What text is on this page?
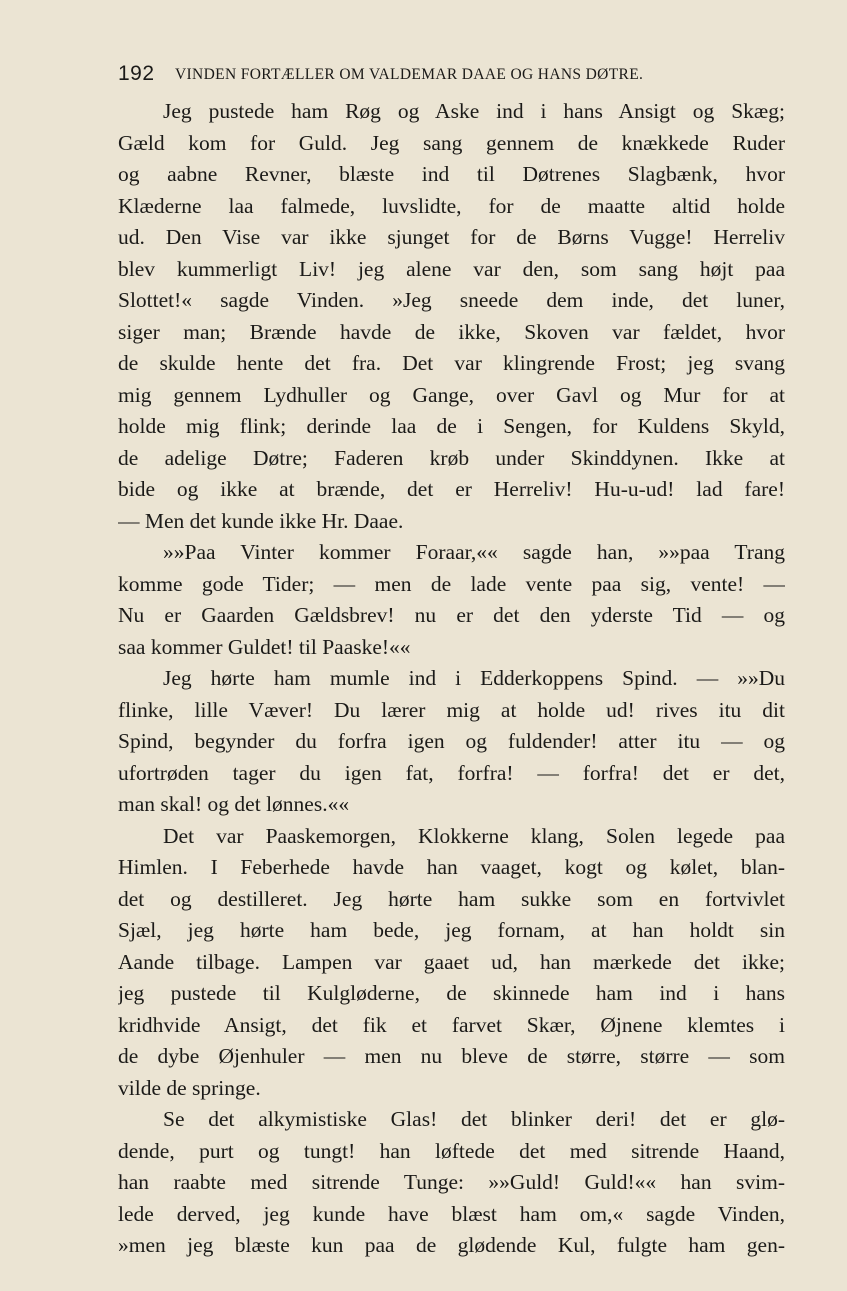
192 VINDEN FORTÆLLER OM VALDEMAR DAAE OG HANS DØTRE.
Jeg pustede ham Røg og Aske ind i hans Ansigt og Skæg;
Gæld kom for Guld. Jeg sang gennem de knækkede Ruder
og aabne Revner, blæste ind til Døtrenes Slagbænk, hvor
Klæderne laa falmede, luvslidte, for de maatte altid holde
ud. Den Vise var ikke sjunget for de Børns Vugge! Herreliv
blev kummerligt Liv! jeg alene var den, som sang højt paa
Slottet!« sagde Vinden. »Jeg sneede dem inde, det luner,
siger man; Brænde havde de ikke, Skoven var fældet, hvor
de skulde hente det fra. Det var klingrende Frost; jeg svang
mig gennem Lydhuller og Gange, over Gavl og Mur for at
holde mig flink; derinde laa de i Sengen, for Kuldens Skyld,
de adelige Døtre; Faderen krøb under Skinddynen. Ikke at
bide og ikke at brænde, det er Herreliv! Hu-u-ud! lad fare!
— Men det kunde ikke Hr. Daae.
»»Paa Vinter kommer Foraar,«« sagde han, »»paa Trang
komme gode Tider; — men de lade vente paa sig, vente! —
Nu er Gaarden Gældsbrev! nu er det den yderste Tid — og
saa kommer Guldet! til Paaske!««
Jeg hørte ham mumle ind i Edderkoppens Spind. — »»Du
flinke, lille Væver! Du lærer mig at holde ud! rives itu dit
Spind, begynder du forfra igen og fuldender! atter itu — og
ufortrøden tager du igen fat, forfra! — forfra! det er det,
man skal! og det lønnes.««
Det var Paaskemorgen, Klokkerne klang, Solen legede paa
Himlen. I Feberhede havde han vaaget, kogt og kølet, blan-
det og destilleret. Jeg hørte ham sukke som en fortvivlet
Sjæl, jeg hørte ham bede, jeg fornam, at han holdt sin
Aande tilbage. Lampen var gaaet ud, han mærkede det ikke;
jeg pustede til Kulgløderne, de skinnede ham ind i hans
kridhvide Ansigt, det fik et farvet Skær, Øjnene klemtes i
de dybe Øjenhuler — men nu bleve de større, større — som
vilde de springe.
Se det alkymistiske Glas! det blinker deri! det er glø-
dende, purt og tungt! han løftede det med sitrende Haand,
han raabte med sitrende Tunge: »»Guld! Guld!«« han svim-
lede derved, jeg kunde have blæst ham om,« sagde Vinden,
»men jeg blæste kun paa de glødende Kul, fulgte ham gen-
